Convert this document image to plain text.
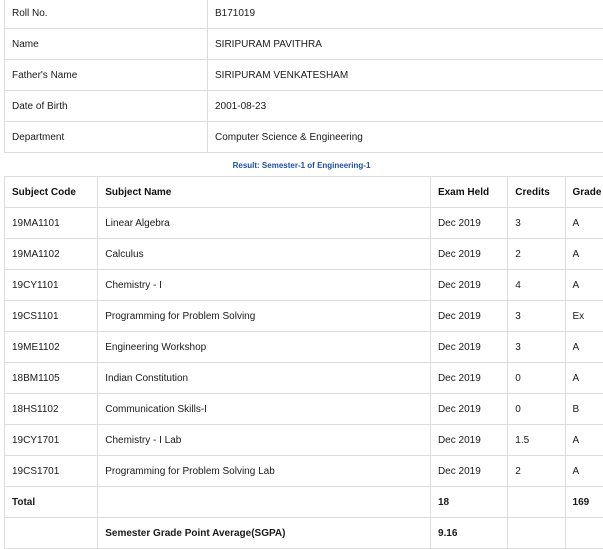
Roll No.	B171019
Name	SIRIPURAM PAVITHRA
Father's Name	SIRIPURAM VENKATESHAM
Date of Birth	2001-08-23
Department	Computer Science & Engineering
Result: Semester-1 of Engineering-1
Subject Code	Subject Name	Exam Held	Credits	Grade
19MA1101	Linear Algebra	Dec 2019	3	A
19MA1102	Calculus	Dec 2019	2	A
19CY1101	Chemistry - I	Dec 2019	4	A
19CS1101	Programming for Problem Solving	Dec 2019	3	Ex
19ME1102	Engineering Workshop	Dec 2019	3	A
18BM1105	Indian Constitution	Dec 2019	0	A
18HS1102	Communication Skills-I	Dec 2019	0	B
19CY1701	Chemistry - I Lab	Dec 2019	1.5	A
19CS1701	Programming for Problem Solving Lab	Dec 2019	2	A
Total		18		169
	Semester Grade Point Average(SGPA)	9.16		
